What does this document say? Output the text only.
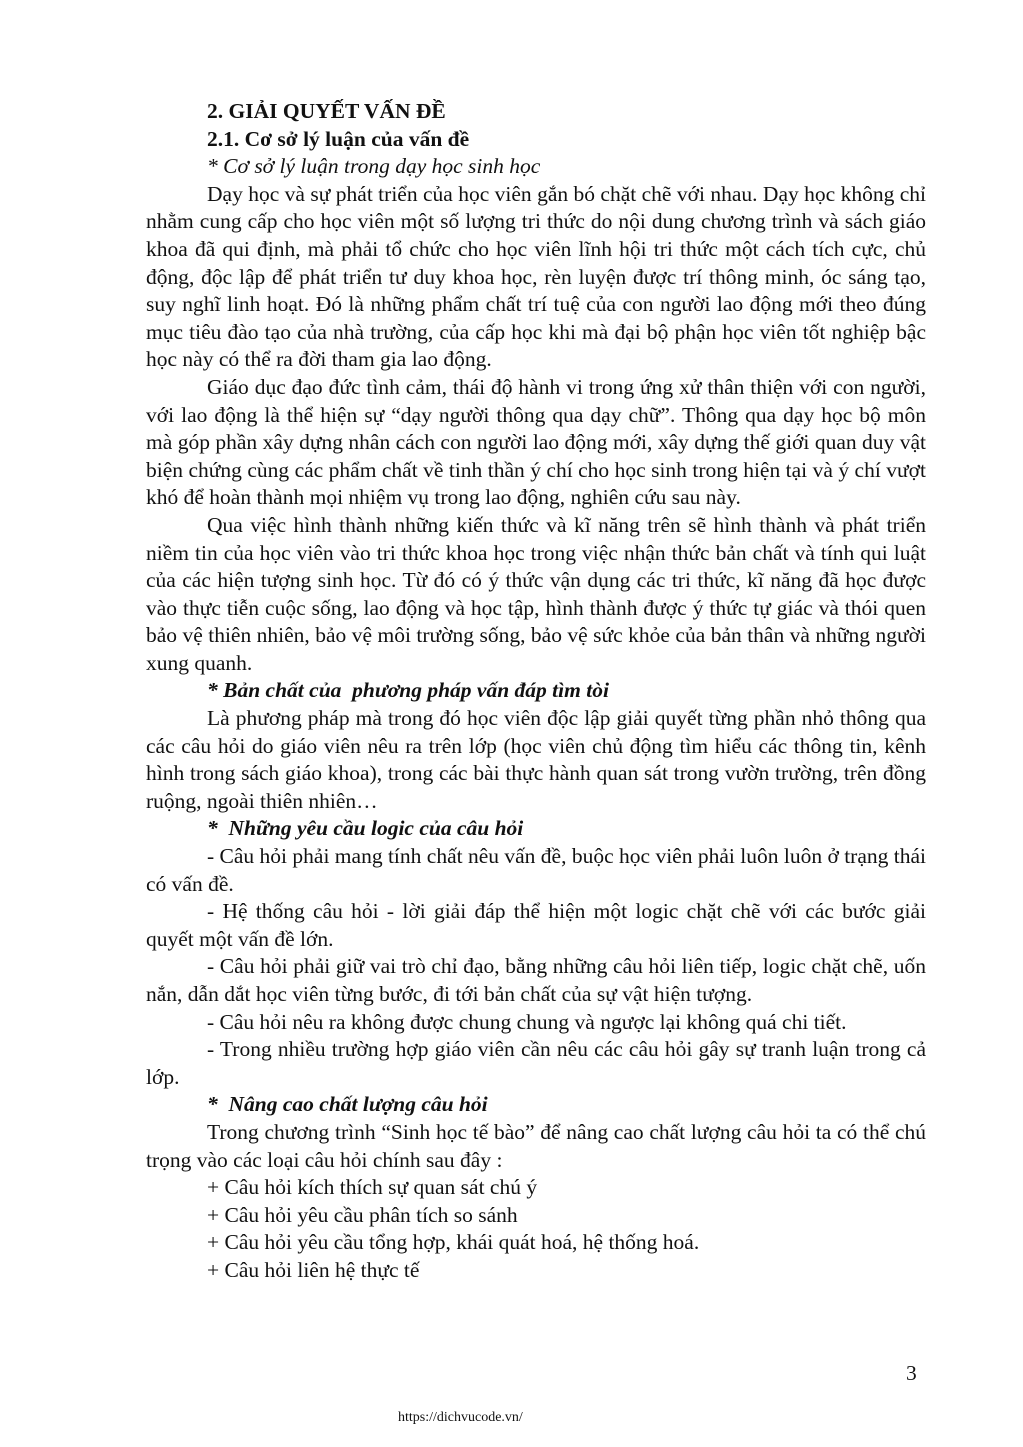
2. GIẢI QUYẾT VẤN ĐỀ

2.1. Cơ sở lý luận của vấn đề

* Cơ sở lý luận trong dạy học sinh học

Dạy học và sự phát triển của học viên gắn bó chặt chẽ với nhau. Dạy học không chỉ nhằm cung cấp cho học viên một số lượng tri thức do nội dung chương trình và sách giáo khoa đã qui định, mà phải tổ chức cho học viên lĩnh hội tri thức một cách tích cực, chủ động, độc lập để phát triển tư duy khoa học, rèn luyện được trí thông minh, óc sáng tạo, suy nghĩ linh hoạt. Đó là những phẩm chất trí tuệ của con người lao động mới theo đúng mục tiêu đào tạo của nhà trường, của cấp học khi mà đại bộ phận học viên tốt nghiệp bậc học này có thể ra đời tham gia lao động.

Giáo dục đạo đức tình cảm, thái độ hành vi trong ứng xử thân thiện với con người, với lao động là thể hiện sự “dạy người thông qua dạy chữ”. Thông qua dạy học bộ môn mà góp phần xây dựng nhân cách con người lao động mới, xây dựng thế giới quan duy vật biện chứng cùng các phẩm chất về tinh thần ý chí cho học sinh trong hiện tại và ý chí vượt khó để hoàn thành mọi nhiệm vụ trong lao động, nghiên cứu sau này.

Qua việc hình thành những kiến thức và kĩ năng trên sẽ hình thành và phát triển niềm tin của học viên vào tri thức khoa học trong việc nhận thức bản chất và tính qui luật của các hiện tượng sinh học. Từ đó có ý thức vận dụng các tri thức, kĩ năng đã học được vào thực tiễn cuộc sống, lao động và học tập, hình thành được ý thức tự giác và thói quen bảo vệ thiên nhiên, bảo vệ môi trường sống, bảo vệ sức khỏe của bản thân và những người xung quanh.

* Bản chất của  phương pháp vấn đáp tìm tòi

Là phương pháp mà trong đó học viên độc lập giải quyết từng phần nhỏ thông qua các câu hỏi do giáo viên nêu ra trên lớp (học viên chủ động tìm hiểu các thông tin, kênh hình trong sách giáo khoa), trong các bài thực hành quan sát trong vườn trường, trên đồng ruộng, ngoài thiên nhiên…

*  Những yêu cầu logic của câu hỏi

- Câu hỏi phải mang tính chất nêu vấn đề, buộc học viên phải luôn luôn ở trạng thái có vấn đề.

- Hệ thống câu hỏi - lời giải đáp thể hiện một logic chặt chẽ với các bước giải quyết một vấn đề lớn.

- Câu hỏi phải giữ vai trò chỉ đạo, bằng những câu hỏi liên tiếp, logic chặt chẽ, uốn nắn, dẫn dắt học viên từng bước, đi tới bản chất của sự vật hiện tượng.

- Câu hỏi nêu ra không được chung chung và ngược lại không quá chi tiết.

- Trong nhiều trường hợp giáo viên cần nêu các câu hỏi gây sự tranh luận trong cả lớp.

*  Nâng cao chất lượng câu hỏi

Trong chương trình “Sinh học tế bào” để nâng cao chất lượng câu hỏi ta có thể chú trọng vào các loại câu hỏi chính sau đây :

+ Câu hỏi kích thích sự quan sát chú ý

+ Câu hỏi yêu cầu phân tích so sánh

+ Câu hỏi yêu cầu tổng hợp, khái quát hoá, hệ thống hoá.

+ Câu hỏi liên hệ thực tế

3
https://dichvucode.vn/
